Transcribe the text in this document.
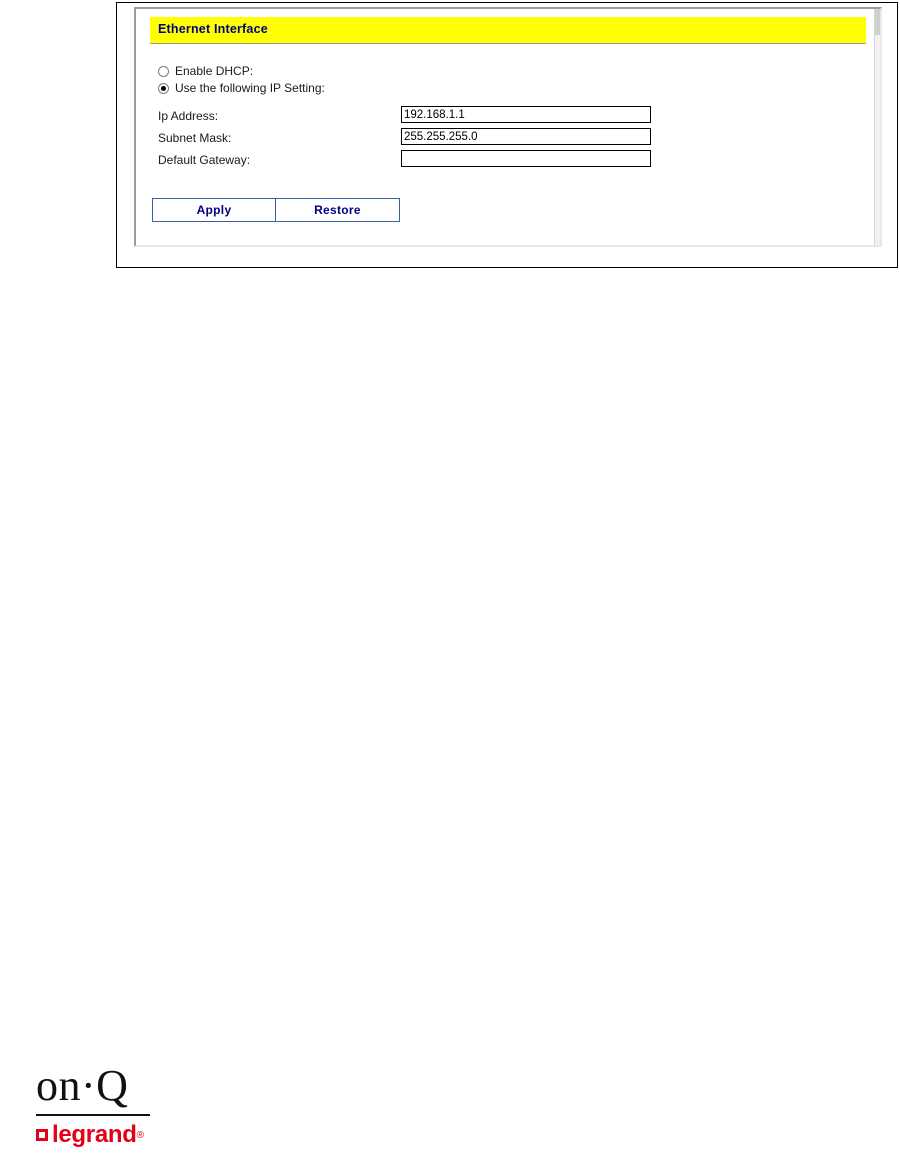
Ethernet Interface
Enable DHCP:
Use the following IP Setting:
Ip Address:
192.168.1.1
Subnet Mask:
255.255.255.0
Default Gateway:
Apply	Restore
on·Q
legrand ®
